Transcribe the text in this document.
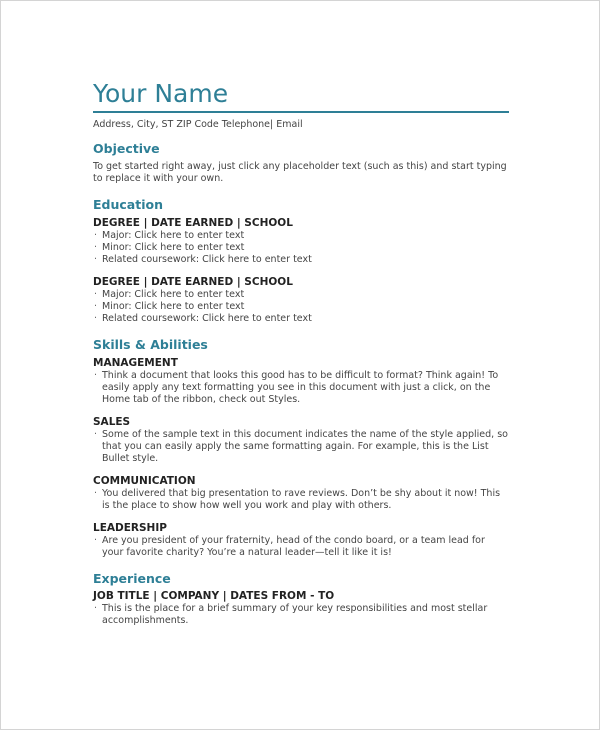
Your Name
Address, City, ST ZIP Code Telephone| Email
Objective

To get started right away, just click any placeholder text (such as this) and start typing to replace it with your own.

Education
DEGREE | DATE EARNED | SCHOOL
· Major: Click here to enter text
· Minor: Click here to enter text
· Related coursework: Click here to enter text
DEGREE | DATE EARNED | SCHOOL
· Major: Click here to enter text
· Minor: Click here to enter text
· Related coursework: Click here to enter text
Skills & Abilities
MANAGEMENT
· Think a document that looks this good has to be difficult to format? Think again! To easily apply any text formatting you see in this document with just a click, on the Home tab of the ribbon, check out Styles.
SALES
· Some of the sample text in this document indicates the name of the style applied, so that you can easily apply the same formatting again. For example, this is the List Bullet style.
COMMUNICATION
· You delivered that big presentation to rave reviews. Don’t be shy about it now! This is the place to show how well you work and play with others.
LEADERSHIP
· Are you president of your fraternity, head of the condo board, or a team lead for your favorite charity? You’re a natural leader—tell it like it is!
Experience
JOB TITLE | COMPANY | DATES FROM - TO
· This is the place for a brief summary of your key responsibilities and most stellar accomplishments.
